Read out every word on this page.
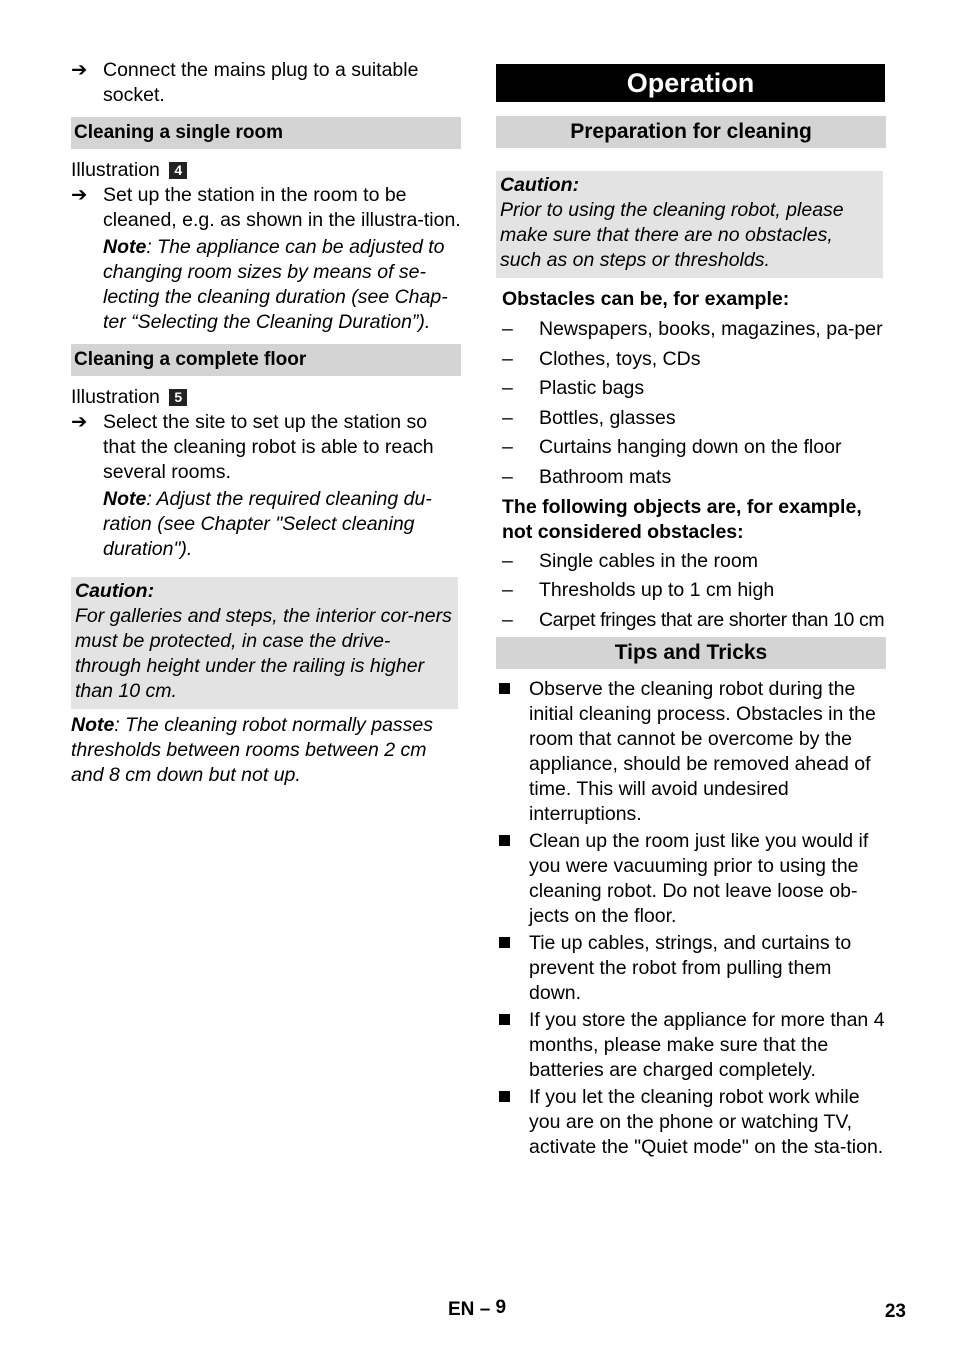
➔ Connect the mains plug to a suitable socket.

Cleaning a single room

Illustration 4

➔ Set up the station in the room to be cleaned, e.g. as shown in the illustra-tion.

Note: The appliance can be adjusted to changing room sizes by means of se-lecting the cleaning duration (see Chap-ter “Selecting the Cleaning Duration”).

Cleaning a complete floor

Illustration 5

➔ Select the site to set up the station so that the cleaning robot is able to reach several rooms.

Note: Adjust the required cleaning du-ration (see Chapter "Select cleaning duration").

Caution:

For galleries and steps, the interior cor-ners must be protected, in case the drive-through height under the railing is higher than 10 cm.

Note: The cleaning robot normally passes thresholds between rooms between 2 cm and 8 cm down but not up.

Operation
Preparation for cleaning

Caution:

Prior to using the cleaning robot, please make sure that there are no obstacles, such as on steps or thresholds.

Obstacles can be, for example:

– Newspapers, books, magazines, pa-per
– Clothes, toys, CDs
– Plastic bags
– Bottles, glasses
– Curtains hanging down on the floor
– Bathroom mats

The following objects are, for example, not considered obstacles:

– Single cables in the room
– Thresholds up to 1 cm high
– Carpet fringes that are shorter than 10 cm
Tips and Tricks
Observe the cleaning robot during the initial cleaning process. Obstacles in the room that cannot be overcome by the appliance, should be removed ahead of time. This will avoid undesired interruptions.
Clean up the room just like you would if you were vacuuming prior to using the cleaning robot. Do not leave loose ob-jects on the floor.
Tie up cables, strings, and curtains to prevent the robot from pulling them down.
If you store the appliance for more than 4 months, please make sure that the batteries are charged completely.
If you let the cleaning robot work while you are on the phone or watching TV, activate the "Quiet mode" on the sta-tion.
EN – 9	23
